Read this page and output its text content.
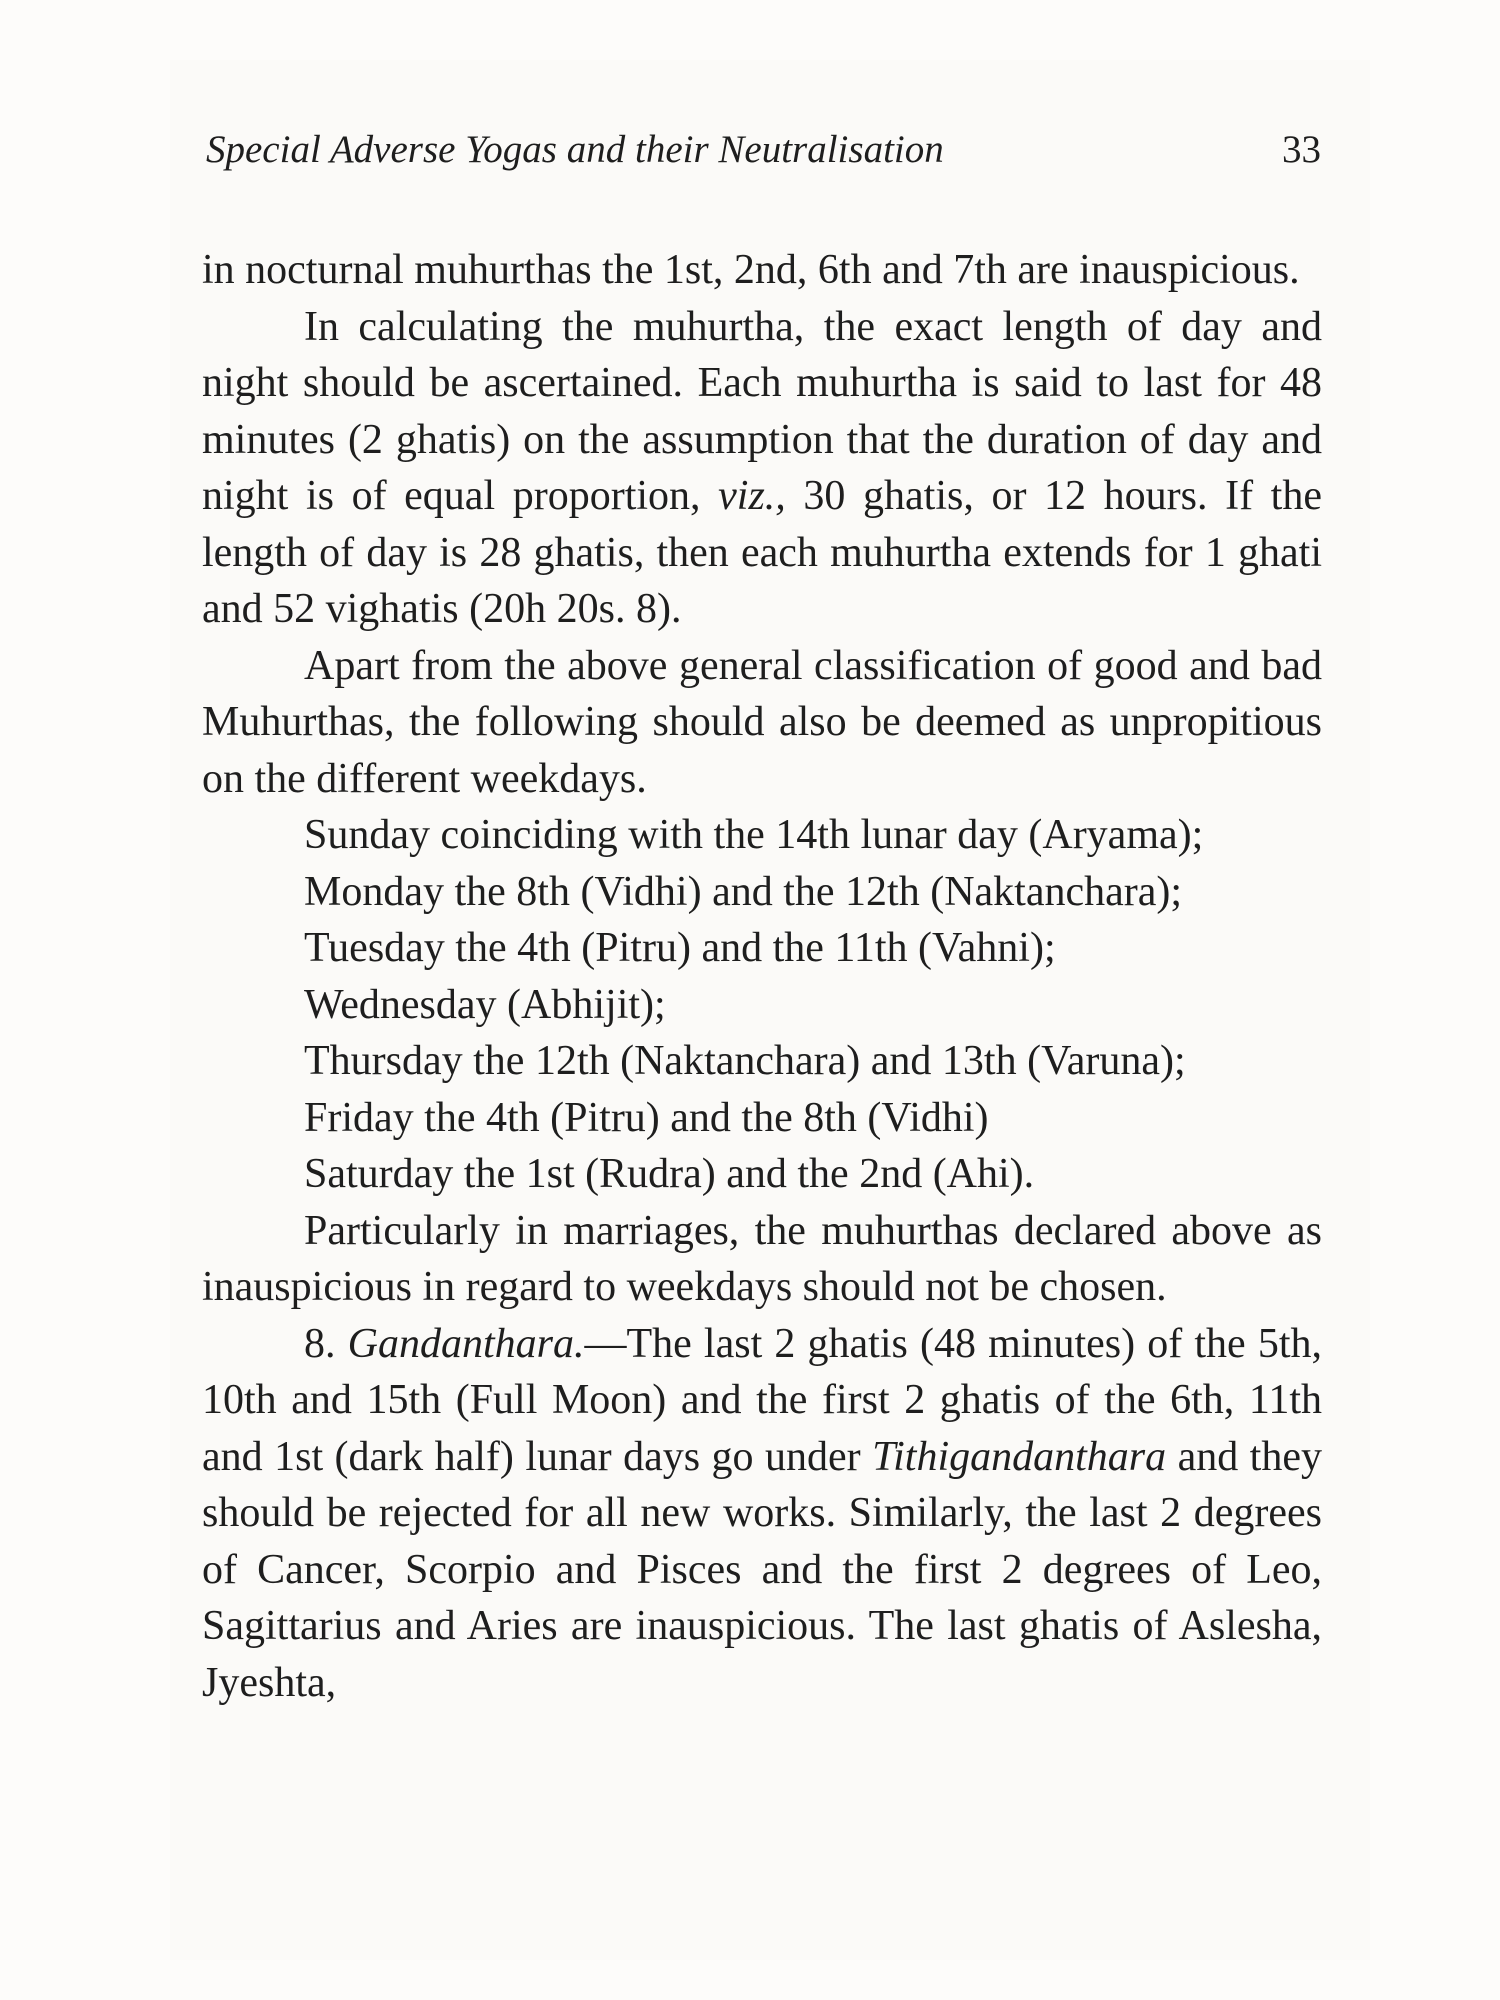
Special Adverse Yogas and their Neutralisation	33

in nocturnal muhurthas the 1st, 2nd, 6th and 7th are inauspicious.

In calculating the muhurtha, the exact length of day and night should be ascertained. Each muhurtha is said to last for 48 minutes (2 ghatis) on the assumption that the duration of day and night is of equal proportion, viz., 30 ghatis, or 12 hours. If the length of day is 28 ghatis, then each muhurtha extends for 1 ghati and 52 vighatis (20h 20s. 8).

Apart from the above general classification of good and bad Muhurthas, the following should also be deemed as unpropitious on the different weekdays.

Sunday coinciding with the 14th lunar day (Aryama);
Monday the 8th (Vidhi) and the 12th (Naktanchara);
Tuesday the 4th (Pitru) and the 11th (Vahni);
Wednesday (Abhijit);
Thursday the 12th (Naktanchara) and 13th (Varuna);
Friday the 4th (Pitru) and the 8th (Vidhi)
Saturday the 1st (Rudra) and the 2nd (Ahi).

Particularly in marriages, the muhurthas declared above as inauspicious in regard to weekdays should not be chosen.

8. Gandanthara.—The last 2 ghatis (48 minutes) of the 5th, 10th and 15th (Full Moon) and the first 2 ghatis of the 6th, 11th and 1st (dark half) lunar days go under Tithigandanthara and they should be rejected for all new works. Similarly, the last 2 degrees of Cancer, Scorpio and Pisces and the first 2 degrees of Leo, Sagittarius and Aries are inauspicious. The last ghatis of Aslesha, Jyeshta,
